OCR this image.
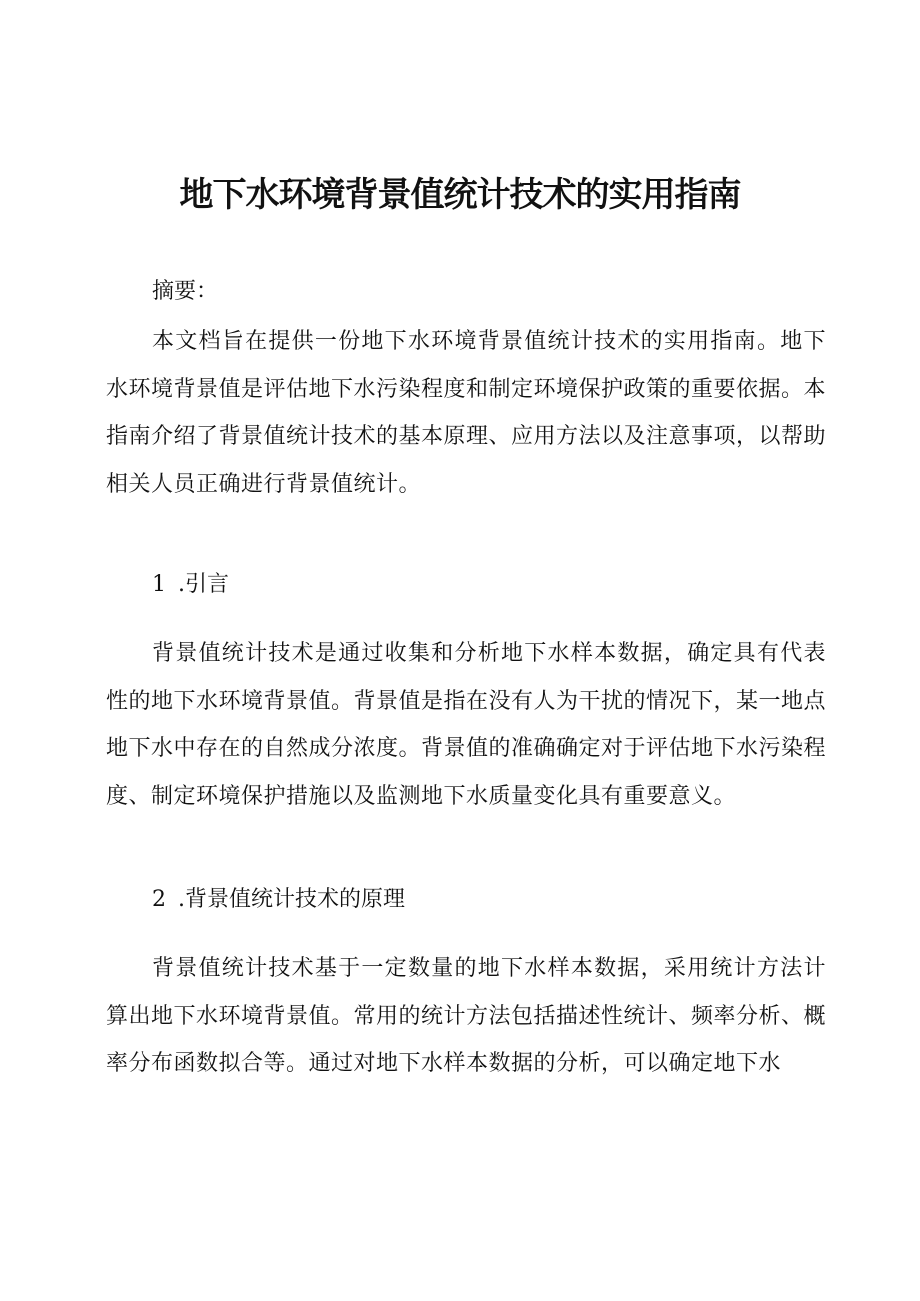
地下水环境背景值统计技术的实用指南

摘要：

本文档旨在提供一份地下水环境背景值统计技术的实用指南。地下水环境背景值是评估地下水污染程度和制定环境保护政策的重要依据。本指南介绍了背景值统计技术的基本原理、应用方法以及注意事项，以帮助相关人员正确进行背景值统计。

1 .引言

背景值统计技术是通过收集和分析地下水样本数据，确定具有代表性的地下水环境背景值。背景值是指在没有人为干扰的情况下，某一地点地下水中存在的自然成分浓度。背景值的准确确定对于评估地下水污染程度、制定环境保护措施以及监测地下水质量变化具有重要意义。

2 .背景值统计技术的原理

背景值统计技术基于一定数量的地下水样本数据，采用统计方法计算出地下水环境背景值。常用的统计方法包括描述性统计、频率分析、概率分布函数拟合等。通过对地下水样本数据的分析，可以确定地下水
